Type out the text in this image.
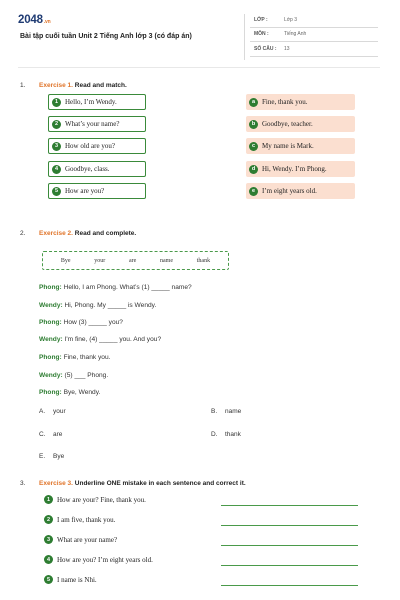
2048.vn
Bài tập cuối tuần Unit 2 Tiếng Anh lớp 3 (có đáp án)
LỚP :	Lớp 3
MÔN :	Tiếng Anh
SỐ CÂU : 13
1. Exercise 1. Read and match.
1 Hello, I’m Wendy.
2 What’s your name?
3 How old are you?
4 Goodbye, class.
5 How are you?
a Fine, thank you.
b Goodbye, teacher.
c My name is Mark.
d Hi, Wendy. I’m Phong.
e I’m eight years old.
2. Exercise 2. Read and complete.
Bye	your	are	name	thank
Phong: Hello, I am Phong. What’s (1) _____ name?
Wendy: Hi, Phong. My _____ is Wendy.
Phong: How (3) _____ you?
Wendy: I'm fine, (4) _____ you. And you?
Phong: Fine, thank you.
Wendy: (5) ___ Phong.
Phong: Bye, Wendy.
A. your	B. name
C. are	D. thank
E. Bye
3. Exercise 3. Underline ONE mistake in each sentence and correct it.
1 How are your? Fine, thank you.
2 I am five, thank you.
3 What are your name?
4 How are you? I’m eight years old.
5 I name is Nhi.
